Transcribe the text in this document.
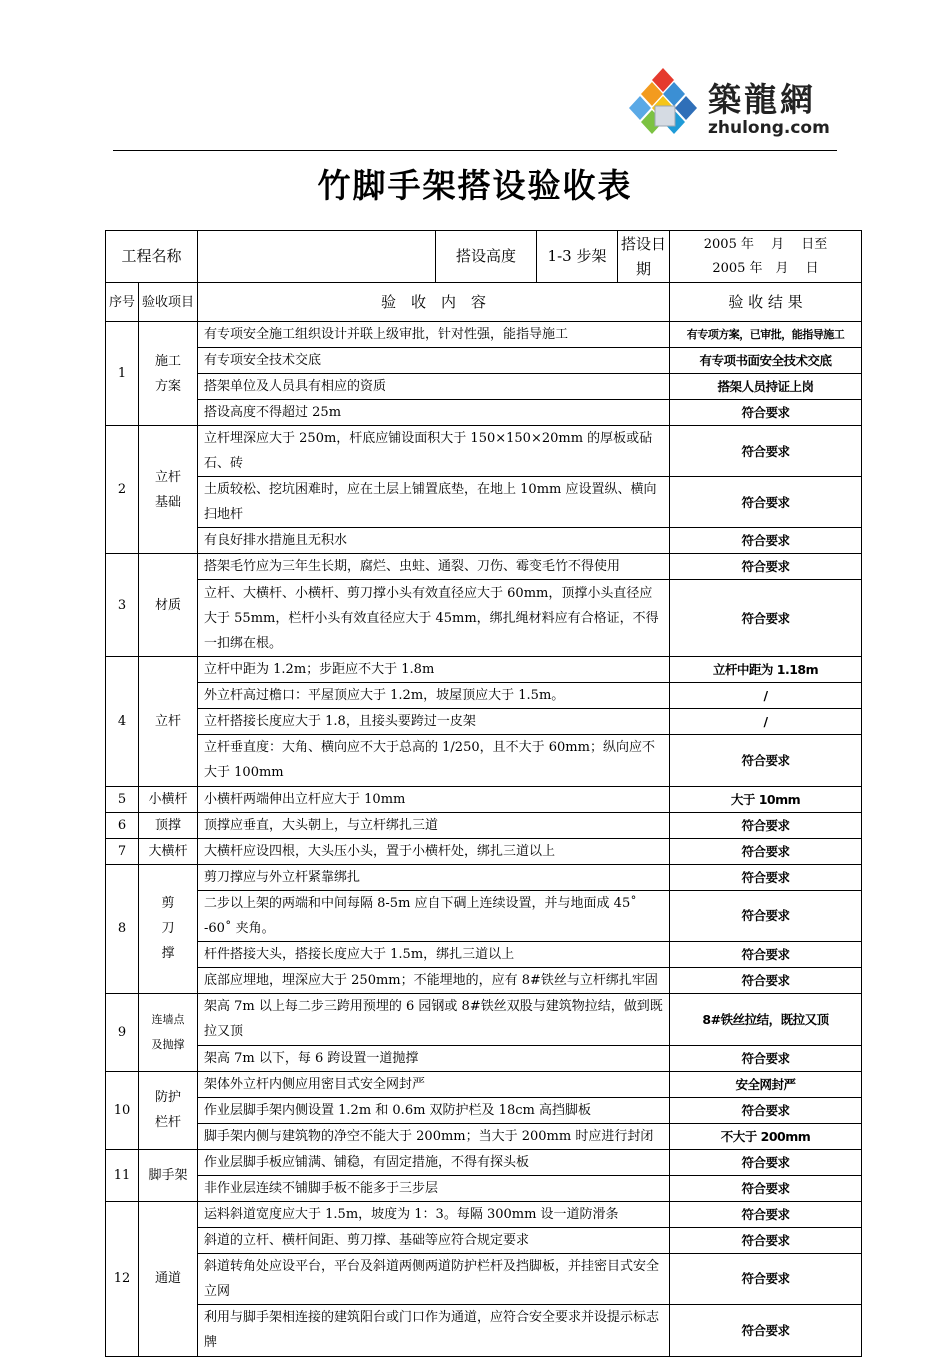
築龍網
zhulong.com
竹脚手架搭设验收表
工程名称			搭设高度	1-3 步架	搭设日期	2005 年　 月　 日至
2005 年　月　 日

序号	验收项目	验　收　内　容				验 收 结 果
1	施工方案	有专项安全施工组织设计并联上级审批，针对性强，能指导施工				有专项方案，已审批，能指导施工
		有专项安全技术交底				有专项书面安全技术交底
		搭架单位及人员具有相应的资质				搭架人员持证上岗
		搭设高度不得超过 25m				符合要求
2	立杆基础	立杆埋深应大于 250m，杆底应铺设面积大于 150×150×20mm 的厚板或砧石、砖				符合要求
		土质较松、挖坑困难时，应在土层上铺置底垫，在地上 10mm 应设置纵、横向扫地杆				符合要求
		有良好排水措施且无积水				符合要求
3	材质	搭架毛竹应为三年生长期，腐烂、虫蛀、通裂、刀伤、霉变毛竹不得使用				符合要求
		立杆、大横杆、小横杆、剪刀撑小头有效直径应大于 60mm，顶撑小头直径应大于 55mm，栏杆小头有效直径应大于 45mm，绑扎绳材料应有合格证，不得一扣绑在根。				符合要求
4	立杆	立杆中距为 1.2m；步距应不大于 1.8m				立杆中距为 1.18m
		外立杆高过檐口：平屋顶应大于 1.2m，坡屋顶应大于 1.5m。				/
		立杆搭接长度应大于 1.8，且接头要跨过一皮架				/
		立杆垂直度：大角、横向应不大于总高的 1/250，且不大于 60mm；纵向应不大于 100mm				符合要求
5	小横杆	小横杆两端伸出立杆应大于 10mm				大于 10mm
6	顶撑	顶撑应垂直，大头朝上，与立杆绑扎三道				符合要求
7	大横杆	大横杆应设四根，大头压小头，置于小横杆处，绑扎三道以上				符合要求
8	剪刀撑	剪刀撑应与外立杆紧靠绑扎				符合要求
		二步以上架的两端和中间每隔 8-5m 应自下碉上连续设置，并与地面成 45˚ -60˚ 夹角。				符合要求
		杆件搭接大头，搭接长度应大于 1.5m，绑扎三道以上				符合要求
		底部应埋地，埋深应大于 250mm；不能埋地的，应有 8#铁丝与立杆绑扎牢固				符合要求
9	连墙点及抛撑	架高 7m 以上每二步三跨用预埋的 6 园钢或 8#铁丝双股与建筑物拉结，做到既拉又顶				8#铁丝拉结，既拉又顶
		架高 7m 以下，每 6 跨设置一道抛撑				符合要求
10	防护栏杆	架体外立杆内侧应用密目式安全网封严				安全网封严
		作业层脚手架内侧设置 1.2m 和 0.6m 双防护栏及 18cm 高挡脚板				符合要求
		脚手架内侧与建筑物的净空不能大于 200mm；当大于 200mm 时应进行封闭				不大于 200mm
11	脚手架	作业层脚手板应铺满、铺稳，有固定措施，不得有探头板				符合要求
		非作业层连续不铺脚手板不能多于三步层				符合要求
12	通道	运料斜道宽度应大于 1.5m，坡度为 1：3。每隔 300mm 设一道防滑条				符合要求
		斜道的立杆、横杆间距、剪刀撑、基础等应符合规定要求				符合要求
		斜道转角处应设平台，平台及斜道两侧两道防护栏杆及挡脚板，并挂密目式安全立网				符合要求
		利用与脚手架相连接的建筑阳台或门口作为通道，应符合安全要求并设提示标志牌				符合要求
